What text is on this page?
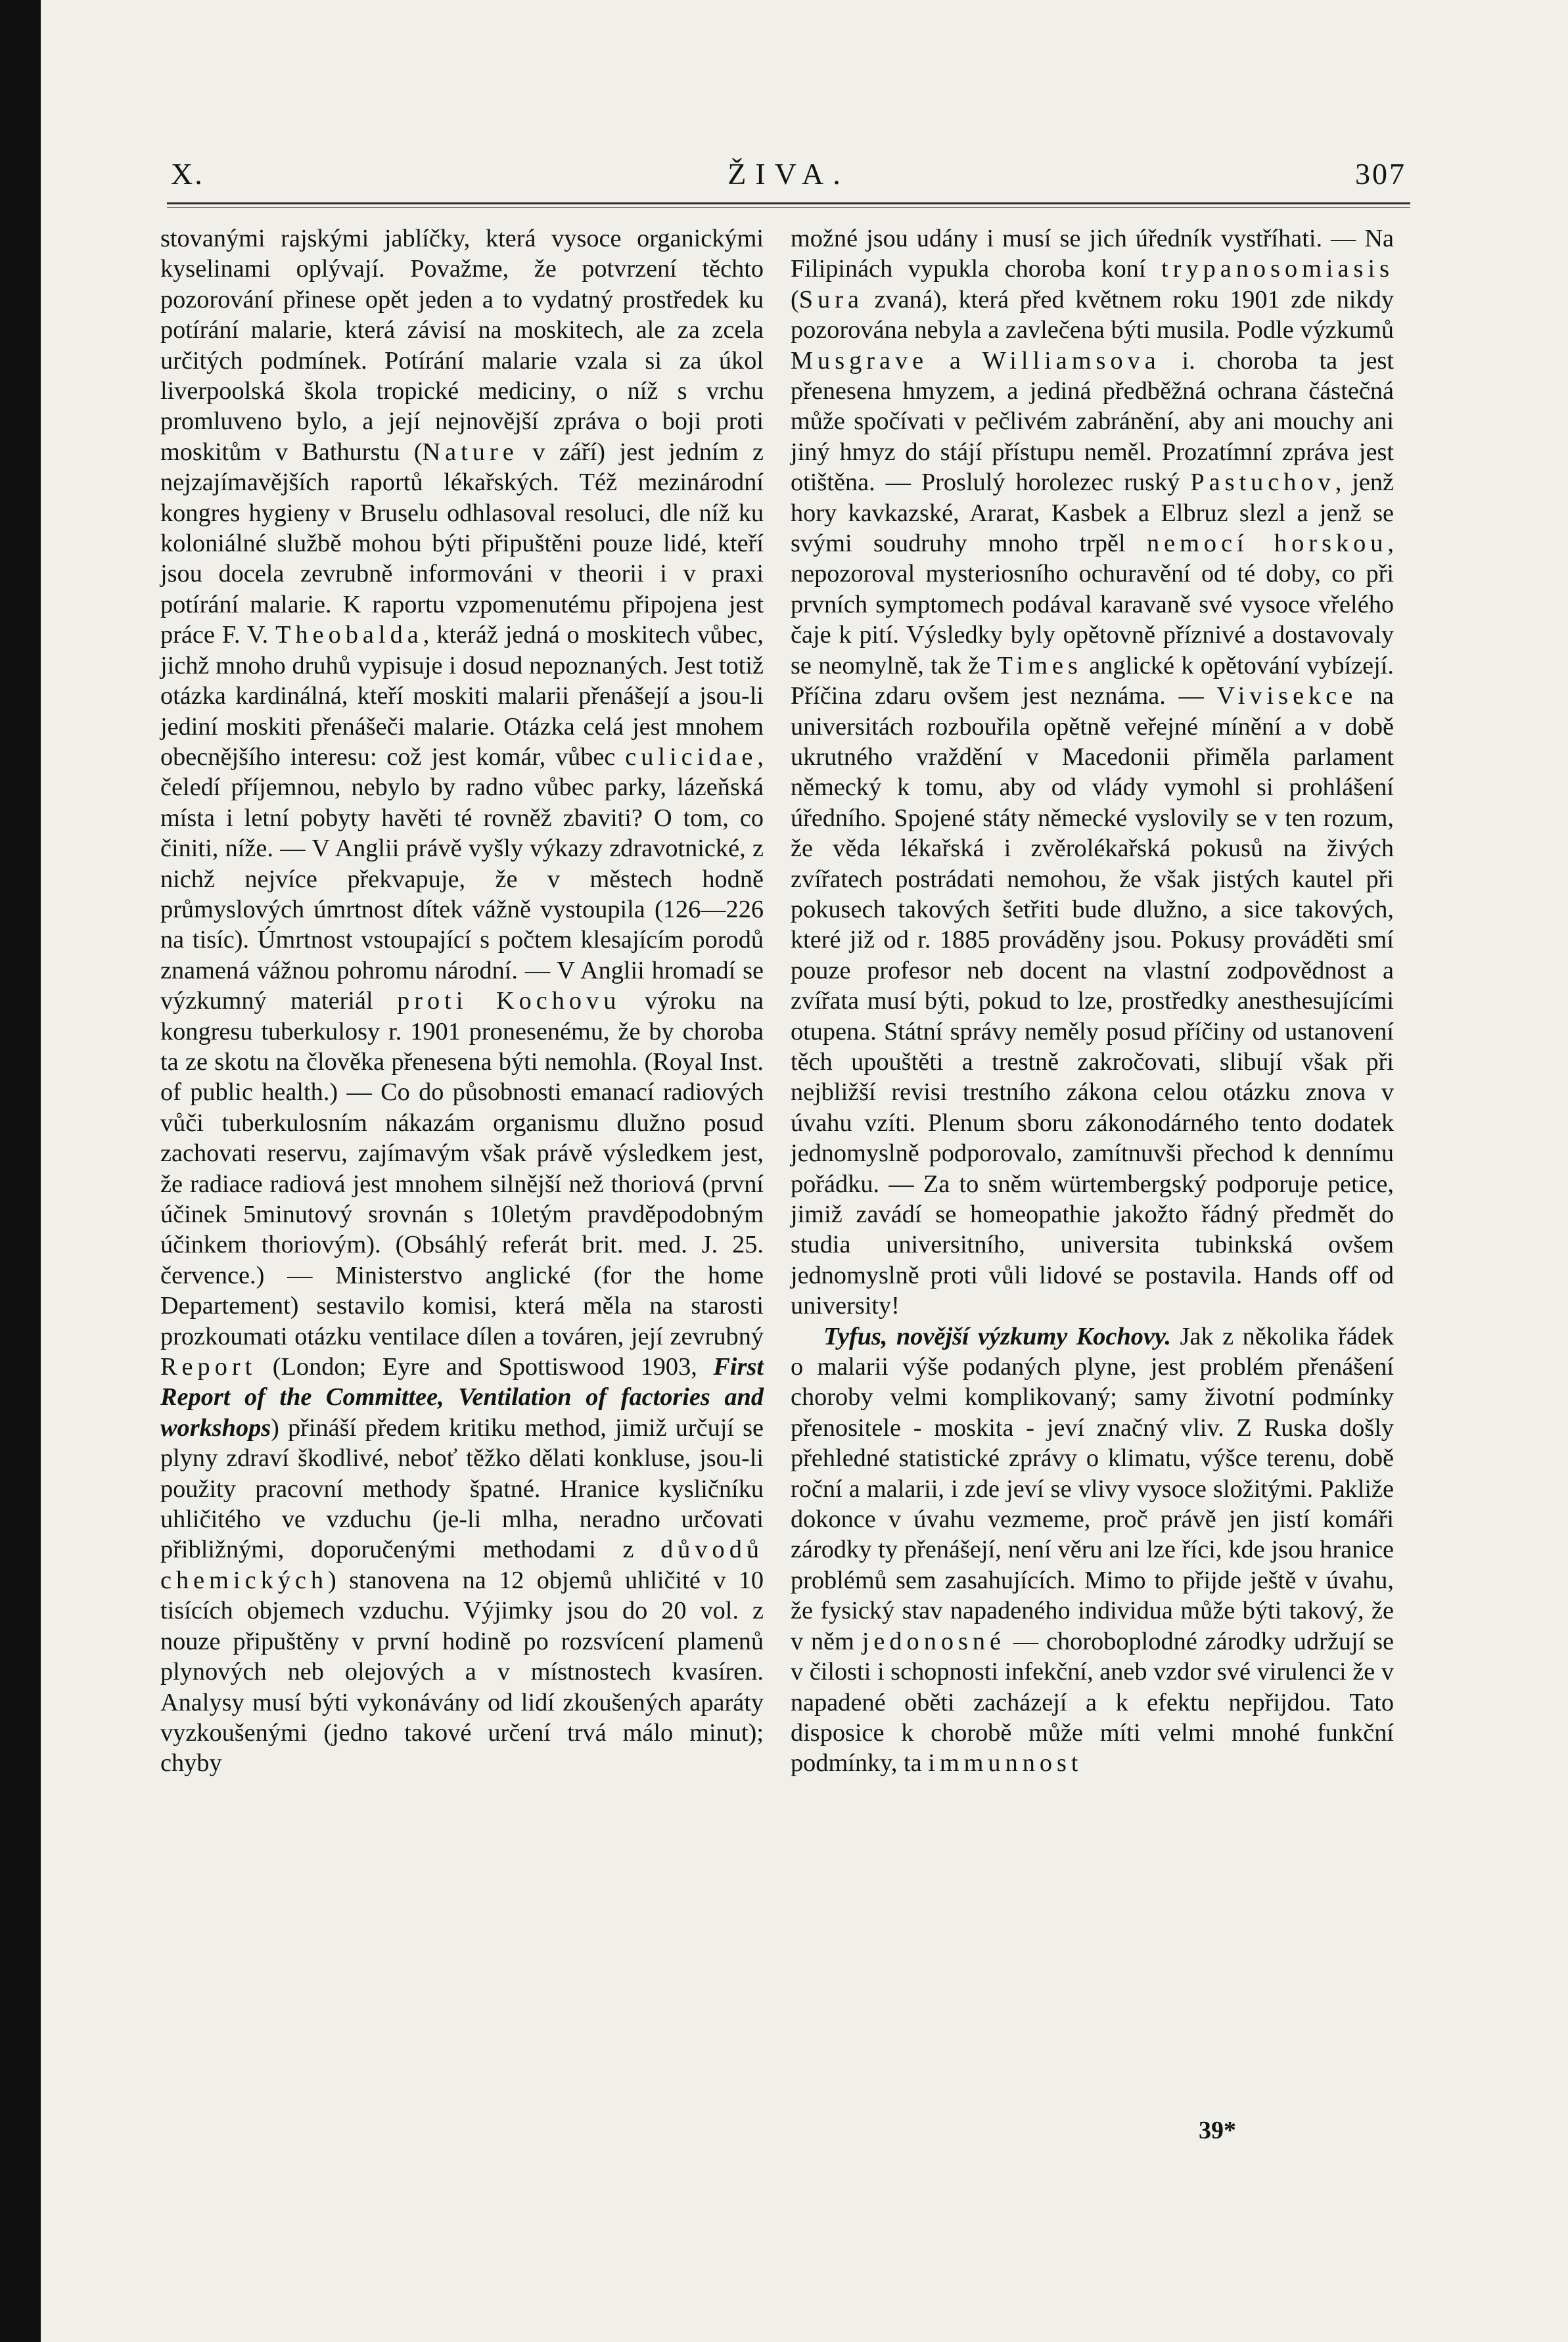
X.	ŽIVA.	307

stovanými rajskými jablíčky, která vysoce organickými kyselinami oplývají. Považme, že potvrzení těchto pozorování přinese opět jeden a to vydatný prostředek ku potírání malarie, která závisí na moskitech, ale za zcela určitých podmínek. Potírání malarie vzala si za úkol liverpoolská škola tropické mediciny, o níž s vrchu promluveno bylo, a její nejnovější zpráva o boji proti moskitům v Bathurstu (Nature v září) jest jedním z nejzajímavějších raportů lékařských. Též mezinárodní kongres hygieny v Bruselu odhlasoval resoluci, dle níž ku koloniálné službě mohou býti připuštěni pouze lidé, kteří jsou docela zevrubně informováni v theorii i v praxi potírání malarie. K raportu vzpomenutému připojena jest práce F. V. Theobalda, kteráž jedná o moskitech vůbec, jichž mnoho druhů vypisuje i dosud nepoznaných. Jest totiž otázka kardinálná, kteří moskiti malarii přenášejí a jsou-li jediní moskiti přenášeči malarie. Otázka celá jest mnohem obecnějšího interesu: což jest komár, vůbec culicidae, čeledí příjemnou, nebylo by radno vůbec parky, lázeňská místa i letní pobyty havěti té rovněž zbaviti? O tom, co činiti, níže. — V Anglii právě vyšly výkazy zdravotnické, z nichž nejvíce překvapuje, že v městech hodně průmyslových úmrtnost dítek vážně vystoupila (126—226 na tisíc). Úmrtnost vstoupající s počtem klesajícím porodů znamená vážnou pohromu národní. — V Anglii hromadí se výzkumný materiál proti Kochovu výroku na kongresu tuberkulosy r. 1901 pronesenému, že by choroba ta ze skotu na člověka přenesena býti nemohla. (Royal Inst. of public health.) — Co do působnosti emanací radiových vůči tuberkulosním nákazám organismu dlužno posud zachovati reservu, zajímavým však právě výsledkem jest, že radiace radiová jest mnohem silnější než thoriová (první účinek 5minutový srovnán s 10letým pravděpodobným účinkem thoriovým). (Obsáhlý referát brit. med. J. 25. července.) — Ministerstvo anglické (for the home Departement) sestavilo komisi, která měla na starosti prozkoumati otázku ventilace dílen a továren, její zevrubný Report (London; Eyre and Spottiswood 1903, First Report of the Committee, Ventilation of factories and workshops) přináší předem kritiku method, jimiž určují se plyny zdraví škodlivé, neboť těžko dělati konkluse, jsou-li použity pracovní methody špatné. Hranice kysličníku uhličitého ve vzduchu (je-li mlha, neradno určovati přibližnými, doporučenými methodami z důvodů chemických) stanovena na 12 objemů uhličité v 10 tisících objemech vzduchu. Výjimky jsou do 20 vol. z nouze připuštěny v první hodině po rozsvícení plamenů plynových neb olejových a v místnostech kvasíren. Analysy musí býti vykonávány od lidí zkoušených aparáty vyzkoušenými (jedno takové určení trvá málo minut); chyby

možné jsou udány i musí se jich úředník vystříhati. — Na Filipinách vypukla choroba koní trypanosomiasis (Sura zvaná), která před květnem roku 1901 zde nikdy pozorována nebyla a zavlečena býti musila. Podle výzkumů Musgrave a Williamsova i. choroba ta jest přenesena hmyzem, a jediná předběžná ochrana částečná může spočívati v pečlivém zabránění, aby ani mouchy ani jiný hmyz do stájí přístupu neměl. Prozatímní zpráva jest otištěna. — Proslulý horolezec ruský Pastuchov, jenž hory kavkazské, Ararat, Kasbek a Elbruz slezl a jenž se svými soudruhy mnoho trpěl nemocí horskou, nepozoroval mysteriosního ochuravění od té doby, co při prvních symptomech podával karavaně své vysoce vřelého čaje k pití. Výsledky byly opětovně příznivé a dostavovaly se neomylně, tak že Times anglické k opětování vybízejí. Příčina zdaru ovšem jest neznáma. — Vivisekce na universitách rozbouřila opětně veřejné mínění a v době ukrutného vraždění v Macedonii přiměla parlament německý k tomu, aby od vlády vymohl si prohlášení úředního. Spojené státy německé vyslovily se v ten rozum, že věda lékařská i zvěrolékařská pokusů na živých zvířatech postrádati nemohou, že však jistých kautel při pokusech takových šetřiti bude dlužno, a sice takových, které již od r. 1885 prováděny jsou. Pokusy prováděti smí pouze profesor neb docent na vlastní zodpovědnost a zvířata musí býti, pokud to lze, prostředky anesthesujícími otupena. Státní správy neměly posud příčiny od ustanovení těch upouštěti a trestně zakročovati, slibují však při nejbližší revisi trestního zákona celou otázku znova v úvahu vzíti. Plenum sboru zákonodárného tento dodatek jednomyslně podporovalo, zamítnuvši přechod k dennímu pořádku. — Za to sněm würtembergský podporuje petice, jimiž zavádí se homeopathie jakožto řádný předmět do studia universitního, universita tubinkská ovšem jednomyslně proti vůli lidové se postavila. Hands off od university!

Tyfus, novější výzkumy Kochovy. Jak z několika řádek o malarii výše podaných plyne, jest problém přenášení choroby velmi komplikovaný; samy životní podmínky přenositele - moskita - jeví značný vliv. Z Ruska došly přehledné statistické zprávy o klimatu, výšce terenu, době roční a malarii, i zde jeví se vlivy vysoce složitými. Pakliže dokonce v úvahu vezmeme, proč právě jen jistí komáři zárodky ty přenášejí, není věru ani lze říci, kde jsou hranice problémů sem zasahujících. Mimo to přijde ještě v úvahu, že fysický stav napadeného individua může býti takový, že v něm jedonosné — choroboplodné zárodky udržují se v čilosti i schopnosti infekční, aneb vzdor své virulenci že v napadené oběti zacházejí a k efektu nepřijdou. Tato disposice k chorobě může míti velmi mnohé funkční podmínky, ta immunnost

39*
